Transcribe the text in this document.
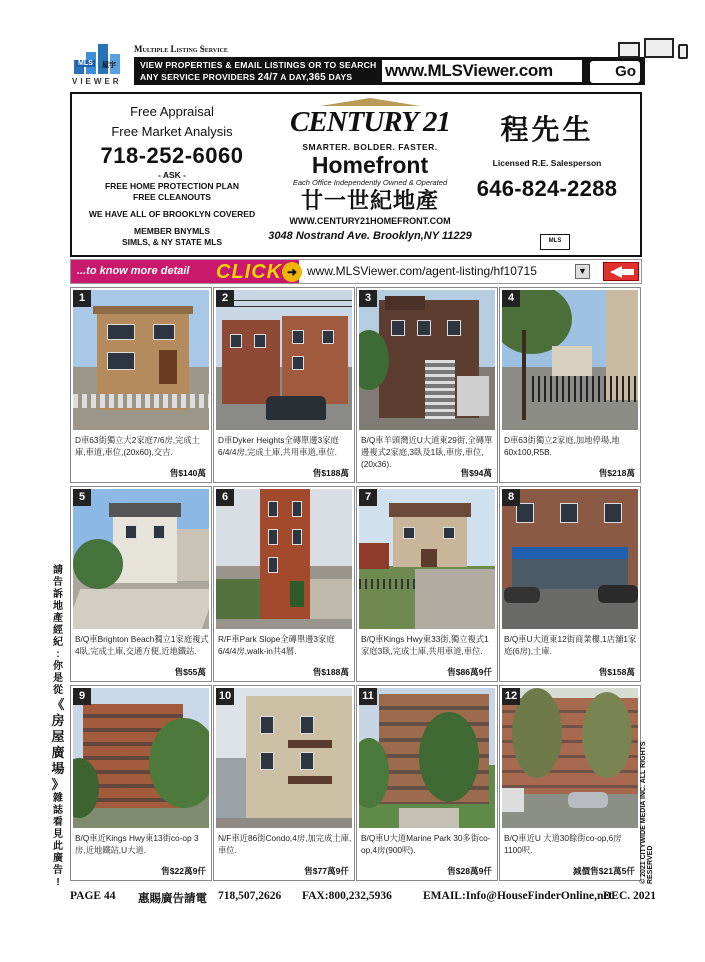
MLS 屋宇
VIEWER
Multiple Listing Service
VIEW PROPERTIES & EMAIL LISTINGS OR TO SEARCH
ANY SERVICE PROVIDERS 24/7 A DAY,365 DAYS	www.MLSViewer.com	Go
Free Appraisal
Free Market Analysis
718-252-6060
- ASK -
FREE HOME PROTECTION PLAN
FREE CLEANOUTS
WE HAVE ALL OF BROOKLYN COVERED
MEMBER BNYMLS
SIMLS, & NY STATE MLS
CENTURY 21
SMARTER. BOLDER. FASTER.
Homefront
Each Office Independently Owned & Operated
廿一世紀地產
WWW.CENTURY21HOMEFRONT.COM
3048 Nostrand Ave. Brooklyn,NY 11229
程先生
Licensed R.E. Salesperson
646-824-2288
MLS
...to know more detail CLICK ➜ www.MLSViewer.com/agent-listing/hf10715	▼
1
D車63街獨立大2家庭7/6房,完成土庫,車道,車位,(20x60),交吉.
售$140萬
2
D車Dyker Heights全磚單邊3家庭6/4/4房,完成土庫,共用車道,車位.
售$188萬
3
B/Q車羊頭灣近U大道東29街,全磚單邊複式2家庭,3臥及1臥,車房,車位,(20x36).
售$94萬
4
D車63街獨立2家庭,加地停場,地60x100,R5B.
售$218萬
5
B/Q車Brighton Beach獨立1家庭複式4臥,完成土庫,交通方便,近地鐵站.
售$55萬
6
R/F車Park Slope全磚單邊3家庭6/4/4房,walk-in共4層.
售$188萬
7
B/Q車Kings Hwy東33街,獨立複式1家庭3臥,完成土庫,共用車道,車位.
售$86萬9仟
8
B/Q車U大道東12街商業樓,1店舖1家庭(6房),土庫.
售$158萬
9
B/Q車近Kings Hwy東13街co-op 3房,近地鐵站,U大道.
售$22萬9仟
10
N/F車近86街Condo,4房,加完成土庫,車位.
售$77萬9仟
11
B/Q車U大道Marine Park 30多街co-op,4房(900呎).
售$28萬9仟
12
B/Q車近U 大道30餘街co-op,6房1100呎.
減價售$21萬5仟
請
告
訴
地
產
經
紀
:
你
是
從
《
房
屋
廣
場
》
雜
誌
看
見
此
廣
告
!	© 2021 CITYWIDE MEDIA INC. ALL RIGHTS RESERVED
PAGE 44 惠賜廣告請電 718,507,2626 FAX:800,232,5936	EMAIL:Info@HouseFinderOnline,net
DEC. 2021
